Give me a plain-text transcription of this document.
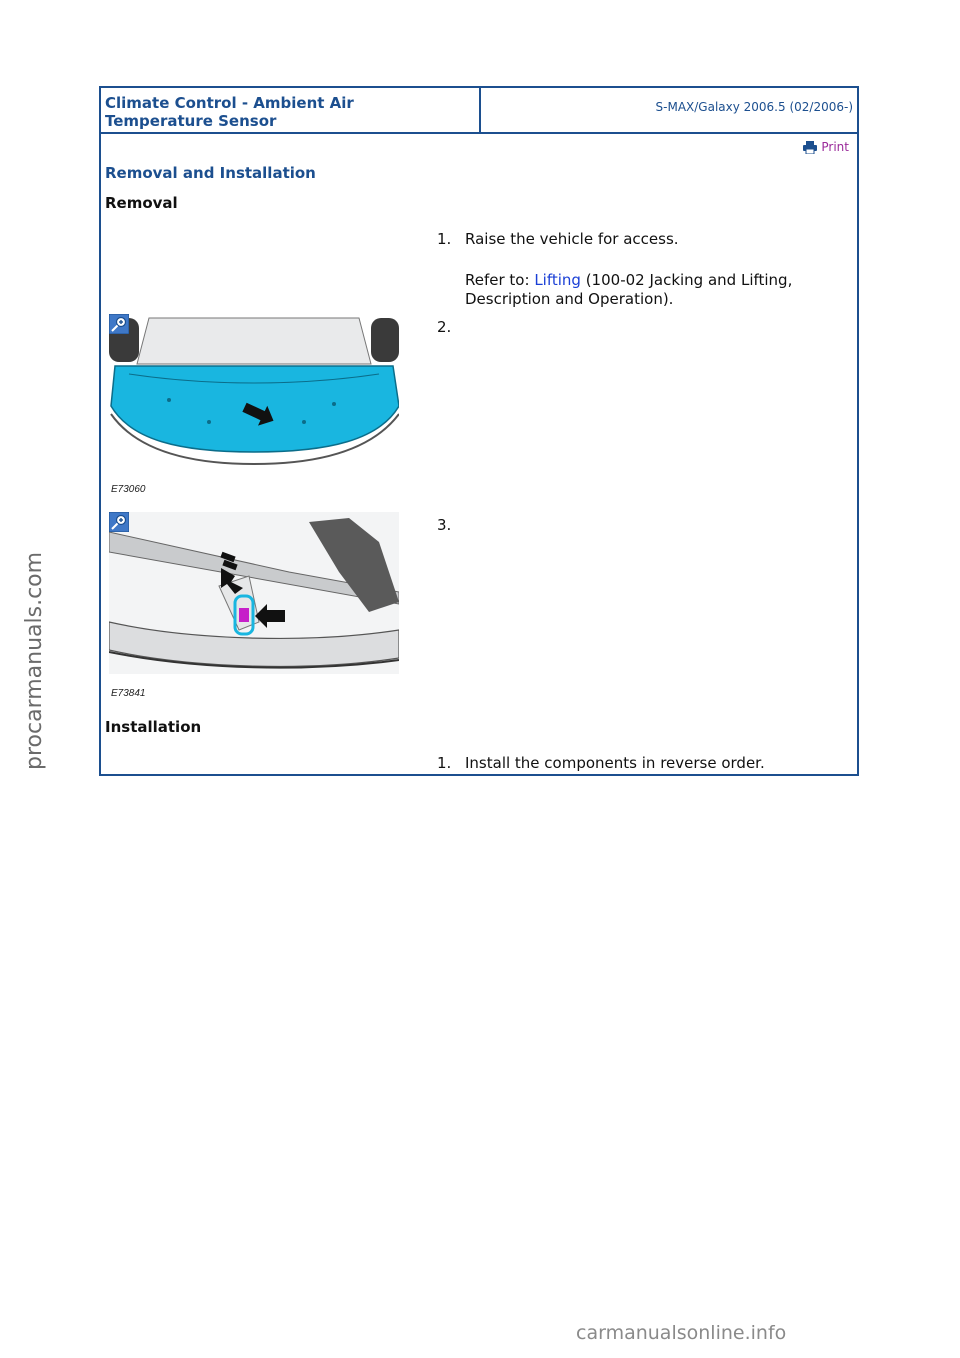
Climate Control - Ambient Air Temperature Sensor
S-MAX/Galaxy 2006.5 (02/2006-)
Print
Removal and Installation
Removal
1. Raise the vehicle for access.
Refer to: Lifting (100-02 Jacking and Lifting, Description and Operation).
2.
E73060
3.
E73841
Installation
1. Install the components in reverse order.
procarmanuals.com
carmanualsonline.info
